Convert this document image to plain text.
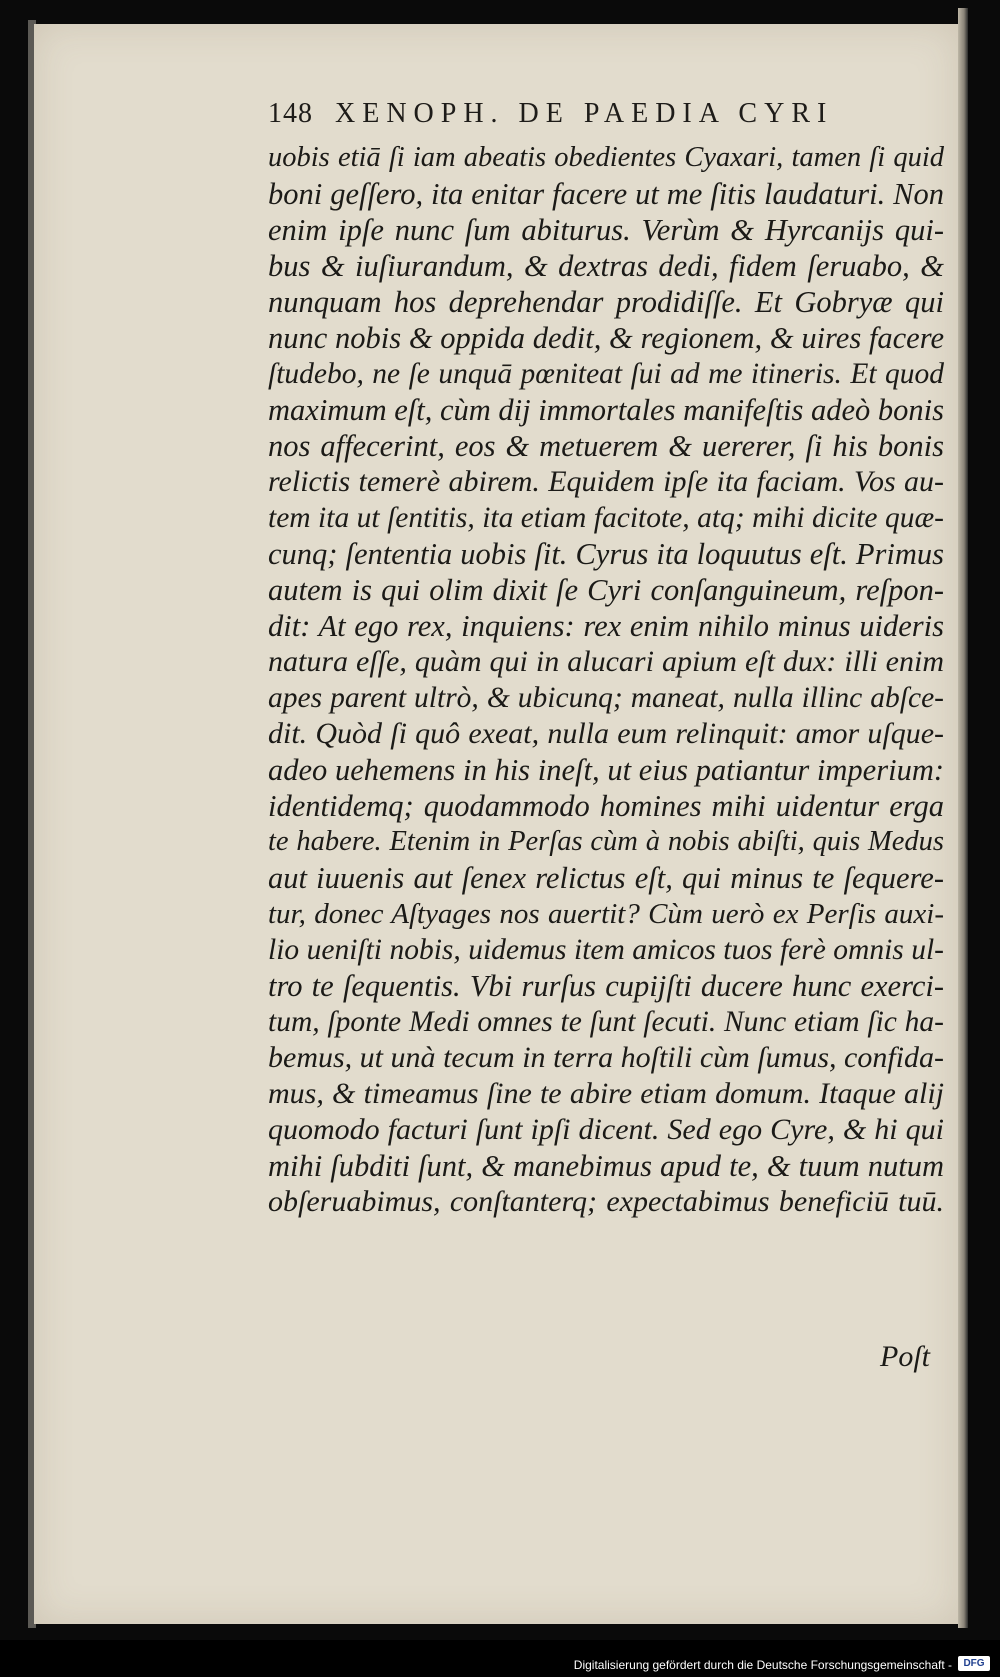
148 XENOPH. DE PAEDIA CYRI
uobis etiā ſi iam abeatis obedientes Cyaxari, tamen ſi quid
boni geſſero, ita enitar facere ut me ſitis laudaturi. Non
enim ipſe nunc ſum abiturus. Verùm & Hyrcanijs qui-
bus & iuſiurandum, & dextras dedi, fidem ſeruabo, &
nunquam hos deprehendar prodidiſſe. Et Gobryæ qui
nunc nobis & oppida dedit, & regionem, & uires facere
ſtudebo, ne ſe unquā pœniteat ſui ad me itineris. Et quod
maximum eſt, cùm dij immortales manifeſtis adeò bonis
nos affecerint, eos & metuerem & uererer, ſi his bonis
relictis temerè abirem. Equidem ipſe ita faciam. Vos au-
tem ita ut ſentitis, ita etiam facitote, atq; mihi dicite quæ-
cunq; ſententia uobis ſit. Cyrus ita loquutus eſt. Primus
autem is qui olim dixit ſe Cyri conſanguineum, reſpon-
dit: At ego rex, inquiens: rex enim nihilo minus uideris
natura eſſe, quàm qui in alucari apium eſt dux: illi enim
apes parent ultrò, & ubicunq; maneat, nulla illinc abſce-
dit. Quòd ſi quô exeat, nulla eum relinquit: amor uſque-
adeo uehemens in his ineſt, ut eius patiantur imperium:
identidemq; quodammodo homines mihi uidentur erga
te habere. Etenim in Perſas cùm à nobis abiſti, quis Medus
aut iuuenis aut ſenex relictus eſt, qui minus te ſequere-
tur, donec Aſtyages nos auertit? Cùm uerò ex Perſis auxi-
lio ueniſti nobis, uidemus item amicos tuos ferè omnis ul-
tro te ſequentis. Vbi rurſus cupijſti ducere hunc exerci-
tum, ſponte Medi omnes te ſunt ſecuti. Nunc etiam ſic ha-
bemus, ut unà tecum in terra hoſtili cùm ſumus, confida-
mus, & timeamus ſine te abire etiam domum. Itaque alij
quomodo facturi ſunt ipſi dicent. Sed ego Cyre, & hi qui
mihi ſubditi ſunt, & manebimus apud te, & tuum nutum
obſeruabimus, conſtanterq; expectabimus beneficiū tuū.
Poſt
Digitalisierung gefördert durch die Deutsche Forschungsgemeinschaft -	DFG
